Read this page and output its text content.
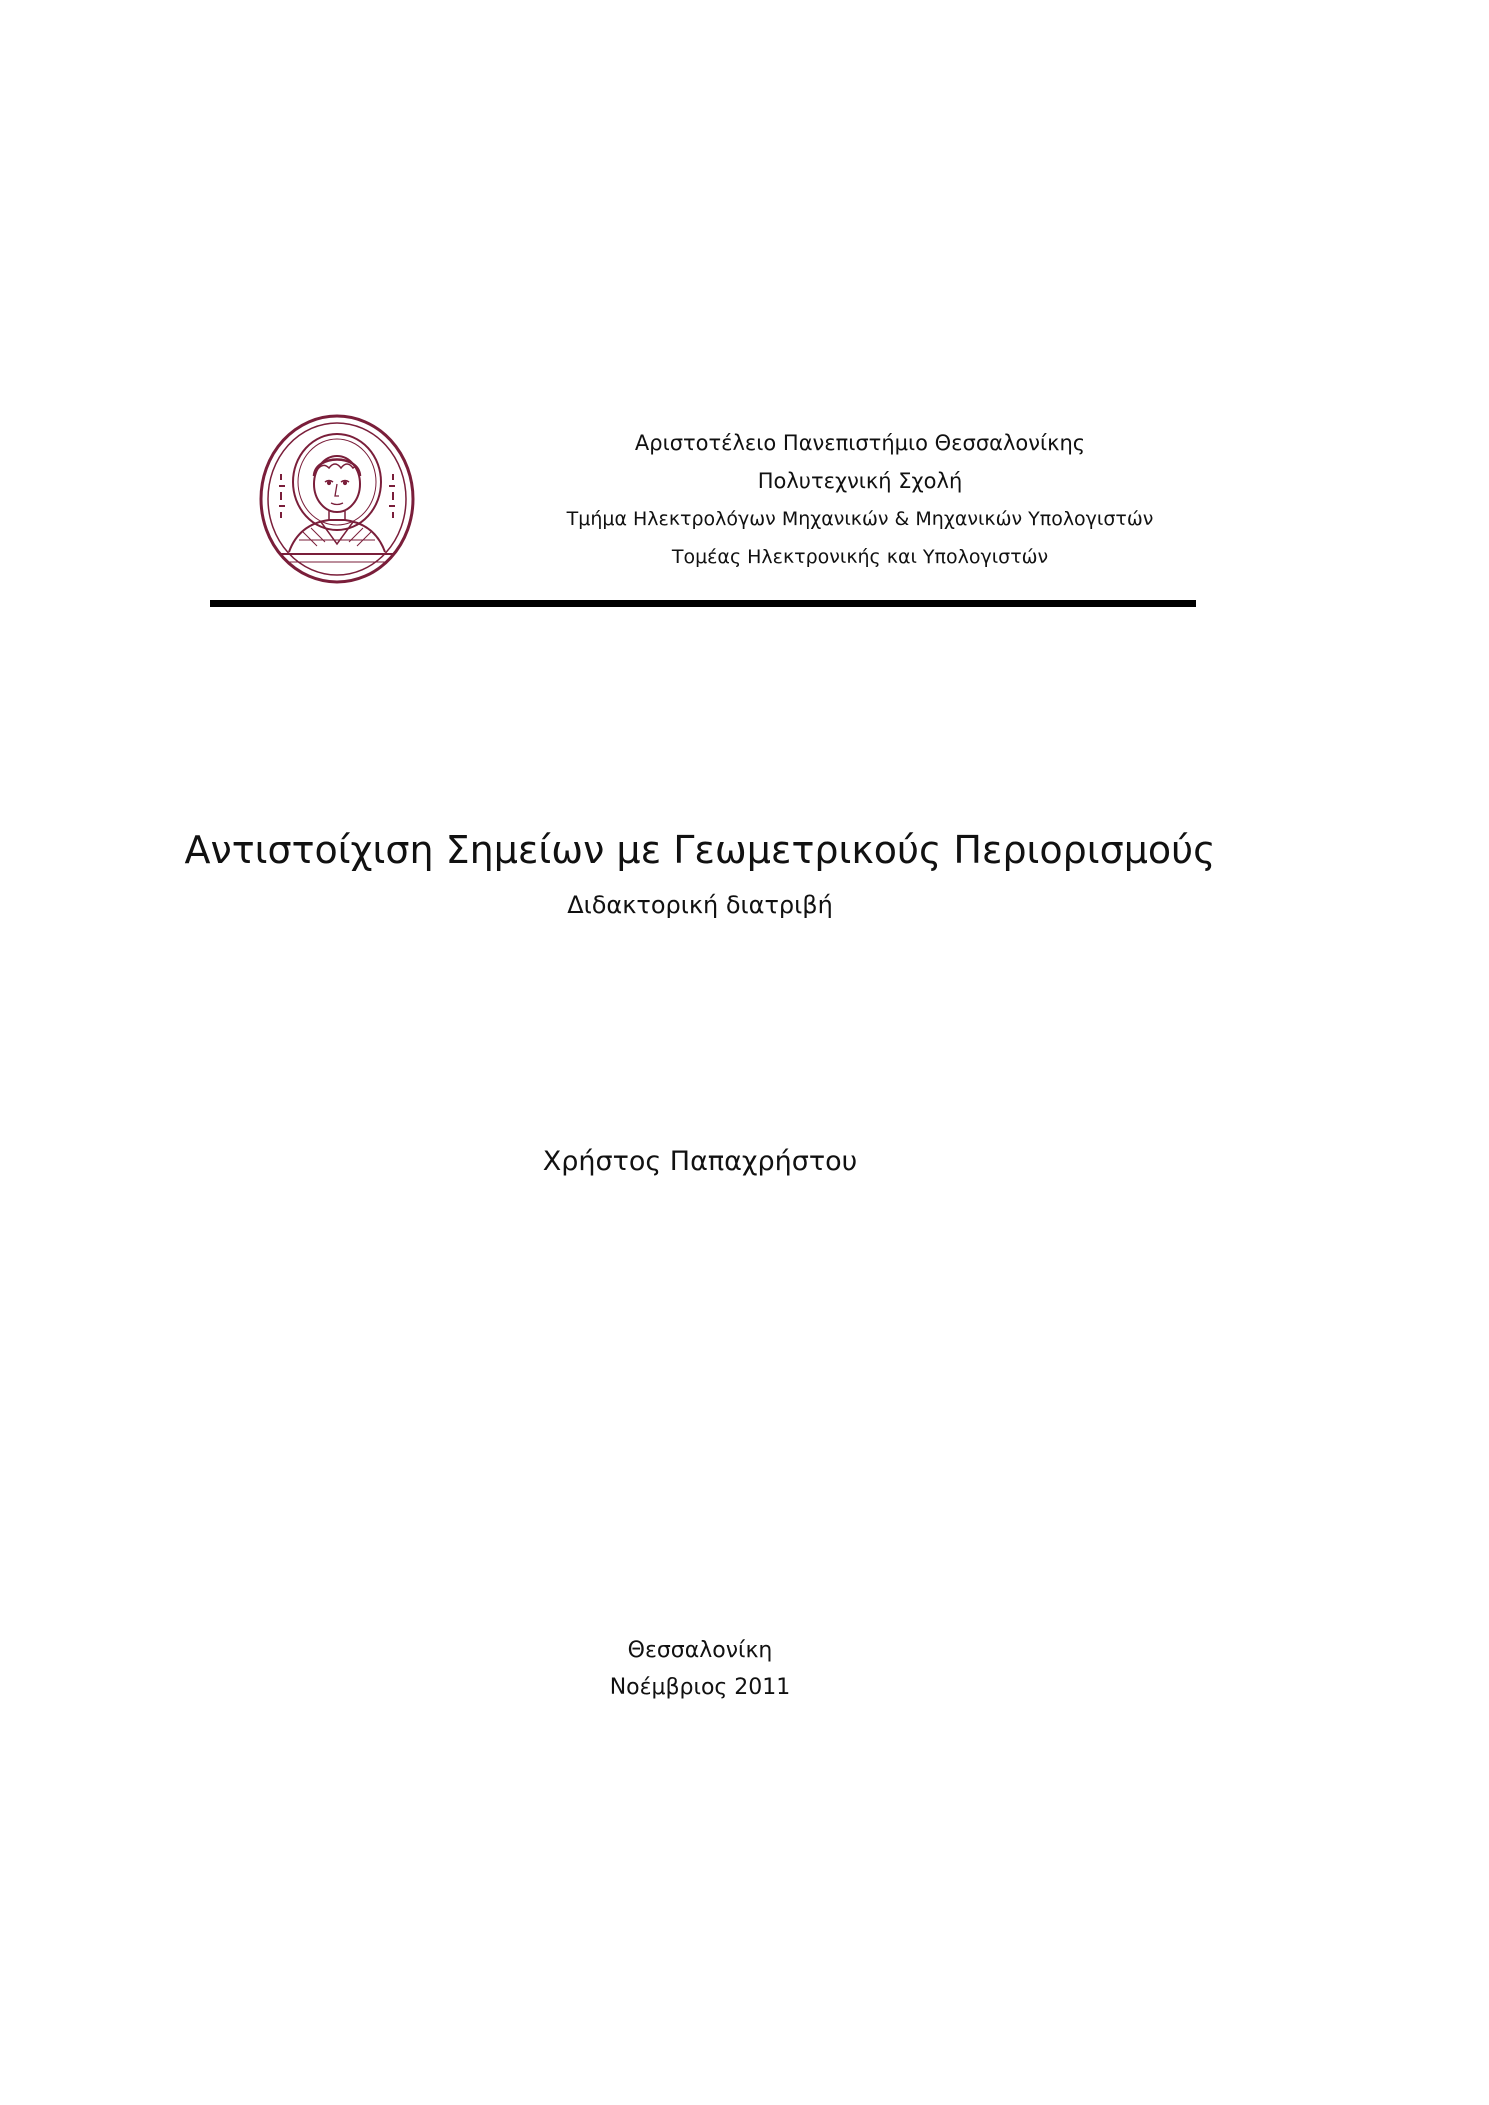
Αριστοτέλειο Πανεπιστήμιο Θεσσαλονίκης
Πολυτεχνική Σχολή
Τμήμα Ηλεκτρολόγων Μηχανικών & Μηχανικών Υπολογιστών
Τομέας Ηλεκτρονικής και Υπολογιστών
Αντιστοίχιση Σημείων με Γεωμετρικούς Περιορισμούς
Διδακτορική διατριβή
Χρήστος Παπαχρήστου
Θεσσαλονίκη
Νοέμβριος 2011
